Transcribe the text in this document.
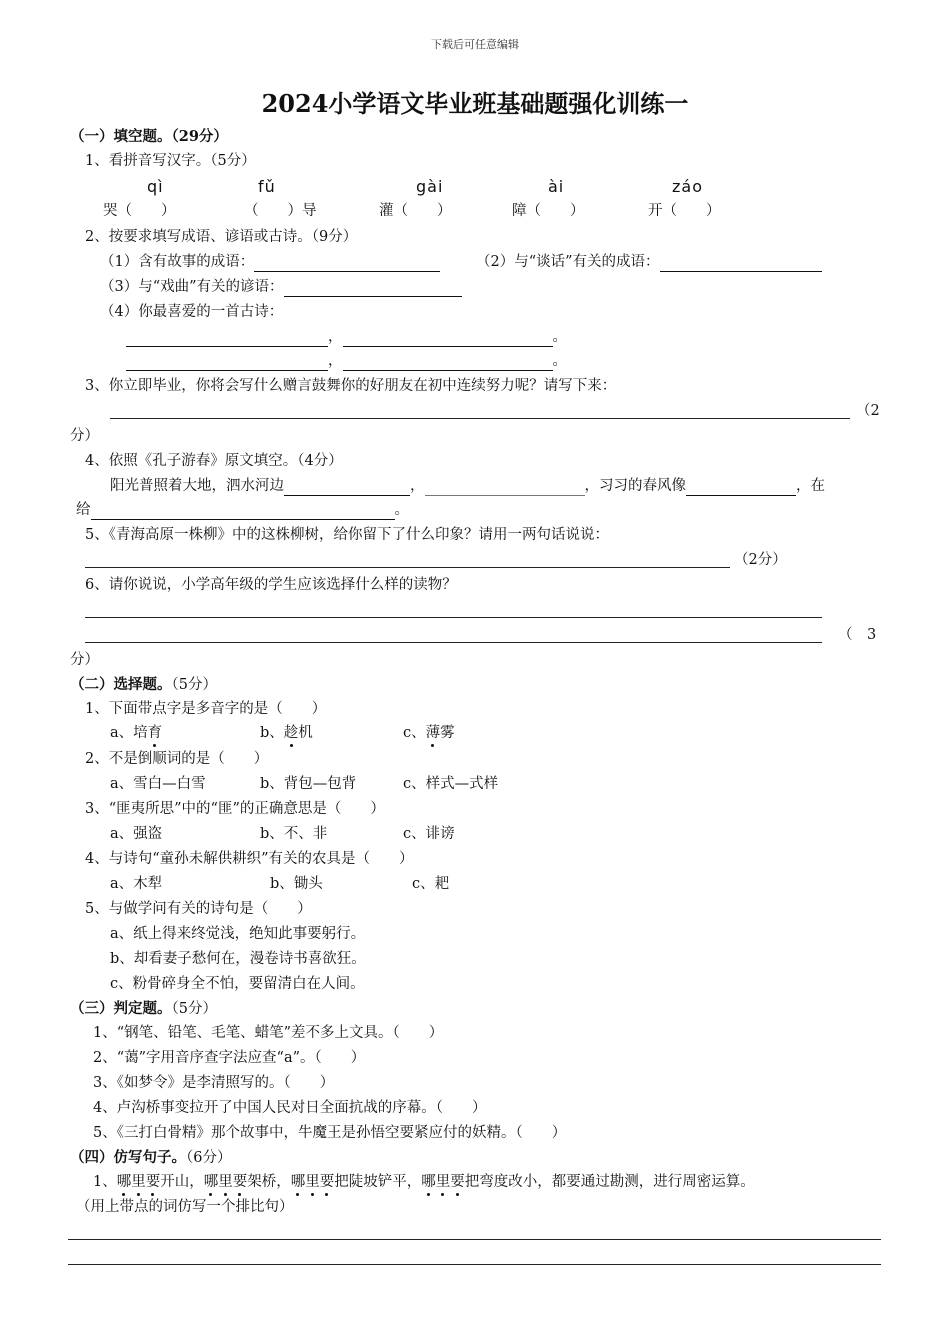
下载后可任意编辑
2024小学语文毕业班基础题强化训练一
（一）填空题。（29分）
1、看拼音写汉字。（5分）
qì	fǔ	gài	ài	záo
哭（　　）	（　　）导	灌（　　）	障（　　）	开（　　）
2、按要求填写成语、谚语或古诗。（9分）
（1）含有故事的成语：	（2）与“谈话”有关的成语：
（3）与“戏曲”有关的谚语：
（4）你最喜爱的一首古诗：
，	。
，	。
3、你立即毕业，你将会写什么赠言鼓舞你的好朋友在初中连续努力呢？请写下来：
（2
分）
4、依照《孔子游春》原文填空。（4分）
阳光普照着大地，泗水河边	，	，习习的春风像	，在
给	。
5、《青海高原一株柳》中的这株柳树，给你留下了什么印象？请用一两句话说说：
（2分）
6、请你说说，小学高年级的学生应该选择什么样的读物？
（　3
分）
（二）选择题。（5分）
1、下面带点字是多音字的是（　　）
a、培育	b、趁机	c、薄雾
2、不是倒顺词的是（　　）
a、雪白—白雪	b、背包—包背	c、样式—式样
3、“匪夷所思”中的“匪”的正确意思是（　　）
a、强盗	b、不、非	c、诽谤
4、与诗句“童孙未解供耕织”有关的农具是（　　）
a、木犁	b、锄头	c、耙
5、与做学问有关的诗句是（　　）
a、纸上得来终觉浅，绝知此事要躬行。
b、却看妻子愁何在，漫卷诗书喜欲狂。
c、粉骨碎身全不怕，要留清白在人间。
（三）判定题。（5分）
1、“钢笔、铅笔、毛笔、蜡笔”差不多上文具。（　　）
2、“蔼”字用音序查字法应查“a”。（　　）
3、《如梦令》是李清照写的。（　　）
4、卢沟桥事变拉开了中国人民对日全面抗战的序幕。（　　）
5、《三打白骨精》那个故事中，牛魔王是孙悟空要紧应付的妖精。（　　）
（四）仿写句子。（6分）
1、哪里要开山，哪里要架桥，哪里要把陡坡铲平，哪里要把弯度改小，都要通过勘测，进行周密运算。
（用上带点的词仿写一个排比句）
